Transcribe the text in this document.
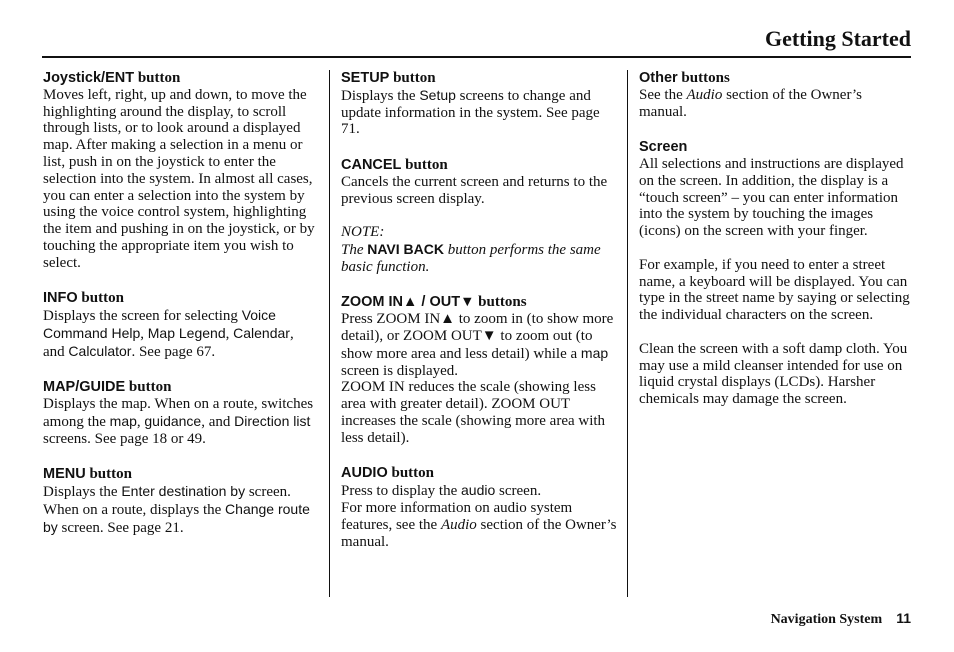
Getting Started
Joystick/ENT button

Moves left, right, up and down, to move the highlighting around the display, to scroll through lists, or to look around a displayed map. After making a selection in a menu or list, push in on the joystick to enter the selection into the system. In almost all cases, you can enter a selection into the system by using the voice control system, highlighting the item and pushing in on the joystick, or by touching the appropriate item you wish to select.

INFO button

Displays the screen for selecting Voice Command Help, Map Legend, Calendar, and Calculator. See page 67.

MAP/GUIDE button

Displays the map. When on a route, switches among the map, guidance, and Direction list screens. See page 18 or 49.

MENU button

Displays the Enter destination by screen. When on a route, displays the Change route by screen. See page 21.

SETUP button

Displays the Setup screens to change and update information in the system. See page 71.

CANCEL button

Cancels the current screen and returns to the previous screen display.

NOTE:

The NAVI BACK button performs the same basic function.

ZOOM IN▲ / OUT▼ buttons

Press ZOOM IN▲ to zoom in (to show more detail), or ZOOM OUT▼ to zoom out (to show more area and less detail) while a map screen is displayed.

ZOOM IN reduces the scale (showing less area with greater detail). ZOOM OUT increases the scale (showing more area with less detail).

AUDIO button

Press to display the audio screen.

For more information on audio system features, see the Audio section of the Owner’s manual.

Other buttons

See the Audio section of the Owner’s manual.

Screen

All selections and instructions are displayed on the screen. In addition, the display is a “touch screen” – you can enter information into the system by touching the images (icons) on the screen with your finger.

For example, if you need to enter a street name, a keyboard will be displayed. You can type in the street name by saying or selecting the individual characters on the screen.

Clean the screen with a soft damp cloth. You may use a mild cleanser intended for use on liquid crystal displays (LCDs). Harsher chemicals may damage the screen.

Navigation System 11
